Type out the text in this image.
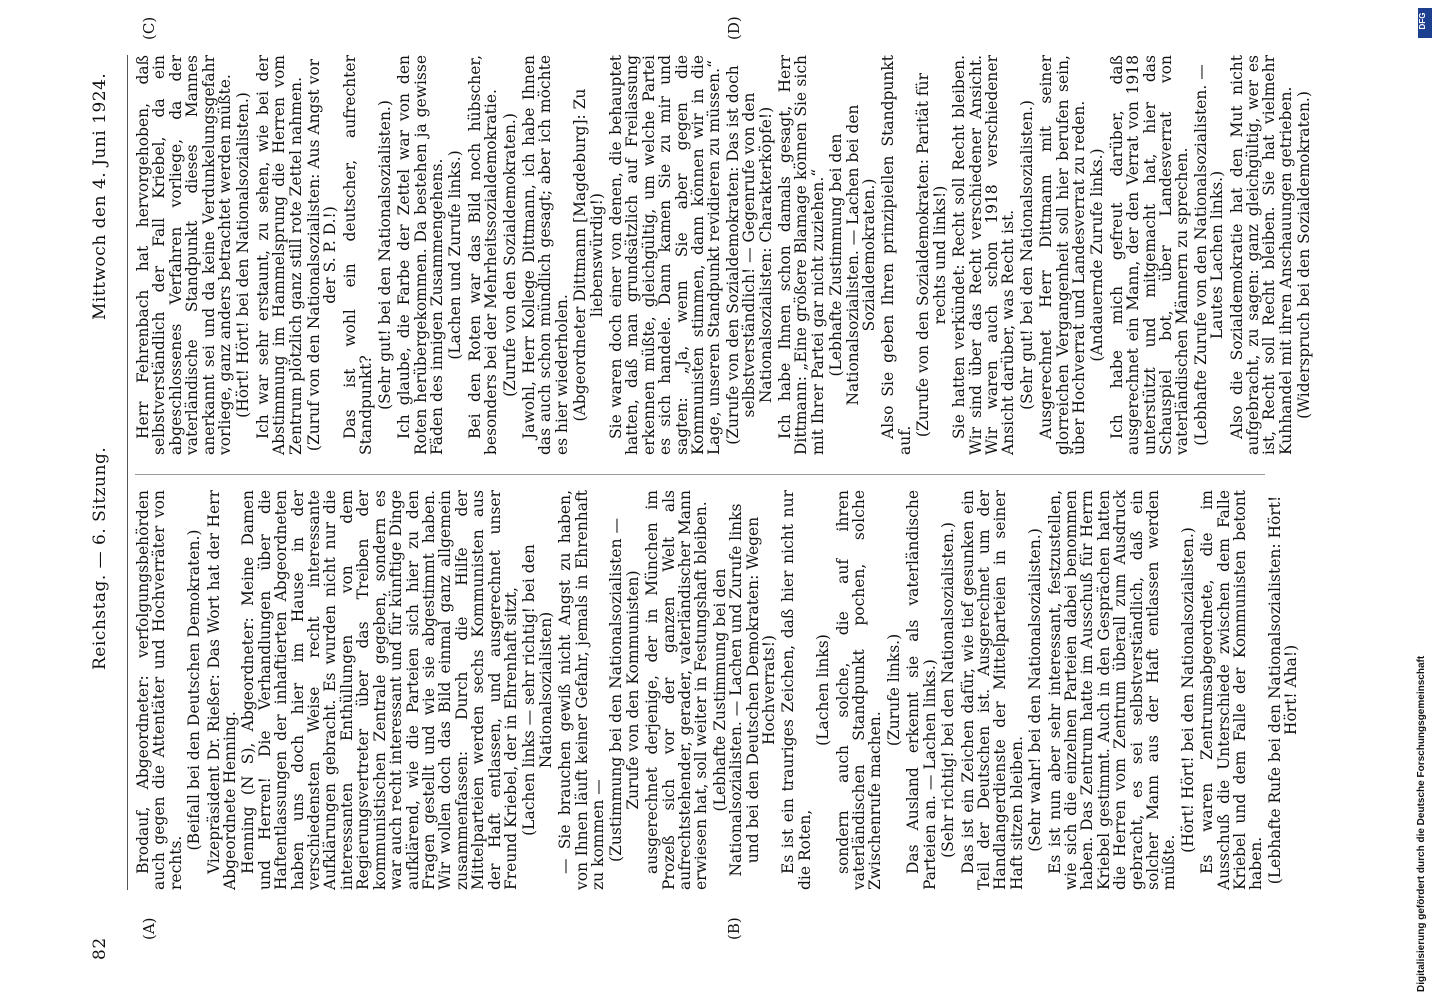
82
Reichstag. — 6. Sitzung.
Mittwoch den 4. Juni 1924.
(A)	(B)
(C)	(D)

Brodauf, Abgeordneter: verfolgungsbehörden auch gegen die Attentäter und Hochverräter von rechts.

(Beifall bei den Deutschen Demokraten.) Vizepräsident Dr. Rießer: Das Wort hat der Herr Abgeordnete Henning. Henning (N S), Abgeordneter: Meine Damen und Herren! Die Verhandlungen über die Haftentlassungen der inhaftierten Abgeordneten haben uns doch hier im Hause in der verschiedensten Weise recht interessante Aufklärungen gebracht. Es wurden nicht nur die interessanten Enthüllungen von dem Regierungsvertreter über das Treiben der kommunistischen Zentrale gegeben, sondern es war auch recht interessant und für künftige Dinge aufklärend, wie die Parteien sich hier zu den Fragen gestellt und wie sie abgestimmt haben. Wir wollen doch das Bild einmal ganz allgemein zusammenfassen: Durch die Hilfe der Mittelparteien werden sechs Kommunisten aus der Haft entlassen, und ausgerechnet unser Freund Kriebel, der in Ehrenhaft sitzt, (Lachen links — sehr richtig! bei den Nationalsozialisten) — Sie brauchen gewiß nicht Angst zu haben, von Ihnen läuft keiner Gefahr, jemals in Ehrenhaft zu kommen — (Zustimmung bei den Nationalsozialisten — Zurufe von den Kommunisten) ausgerechnet derjenige, der in München im Prozeß sich vor der ganzen Welt als aufrechtstehender, gerader, vaterländischer Mann erwiesen hat, soll weiter in Festungshaft bleiben. (Lebhafte Zustimmung bei den Nationalsozialisten. — Lachen und Zurufe links und bei den Deutschen Demokraten: Wegen Hochverrats!) Es ist ein trauriges Zeichen, daß hier nicht nur die Roten,

(Lachen links) sondern auch solche, die auf ihren vaterländischen Standpunkt pochen, solche Zwischenrufe machen.

(Zurufe links.) Das Ausland erkennt sie als vaterländische Parteien an. — Lachen links.) (Sehr richtig! bei den Nationalsozialisten.) Das ist ein Zeichen dafür, wie tief gesunken ein Teil der Deutschen ist. Ausgerechnet um der Handlangerdienste der Mittelparteien in seiner Haft sitzen bleiben. (Sehr wahr! bei den Nationalsozialisten.) Es ist nun aber sehr interessant, festzustellen, wie sich die einzelnen Parteien dabei benommen haben. Das Zentrum hatte im Ausschuß für Herrn Kriebel gestimmt. Auch in den Gesprächen hatten die Herren vom Zentrum überall zum Ausdruck gebracht, es sei selbstverständlich, daß ein solcher Mann aus der Haft entlassen werden müßte.

(Hört! Hört! bei den Nationalsozialisten.) Es waren Zentrumsabgeordnete, die im Ausschuß die Unterschiede zwischen dem Falle Kriebel und dem Falle der Kommunisten betont haben. (Lebhafte Rufe bei den Nationalsozialisten: Hört! Hört! Aha!)

Herr Fehrenbach hat hervorgehoben, daß selbstverständlich der Fall Kriebel, da ein abgeschlossenes Verfahren vorliege, da der vaterländische Standpunkt dieses Mannes anerkannt sei und da keine Verdunkelungsgefahr vorliege, ganz anders betrachtet werden müßte. (Hört! Hört! bei den Nationalsozialisten.) Ich war sehr erstaunt, zu sehen, wie bei der Abstimmung im Hammelsprung die Herren vom Zentrum plötzlich ganz still rote Zettel nahmen. (Zuruf von den Nationalsozialisten: Aus Angst vor der S. P. D.!) Das ist wohl ein deutscher, aufrechter Standpunkt? (Sehr gut! bei den Nationalsozialisten.) Ich glaube, die Farbe der Zettel war von den Roten herübergekommen. Da bestehen ja gewisse Fäden des innigen Zusammengehens. (Lachen und Zurufe links.) Bei den Roten war das Bild noch hübscher, besonders bei der Mehrheitssozialdemokratie. (Zurufe von den Sozialdemokraten.) Jawohl, Herr Kollege Dittmann, ich habe Ihnen das auch schon mündlich gesagt; aber ich möchte es hier wiederholen. (Abgeordneter Dittmann [Magdeburg]: Zu liebenswürdig!) Sie waren doch einer von denen, die behauptet hatten, daß man grundsätzlich auf Freilassung erkennen müßte, gleichgültig, um welche Partei es sich handele. Dann kamen Sie zu mir und sagten: „Ja, wenn Sie aber gegen die Kommunisten stimmen, dann können wir in die Lage, unseren Standpunkt revidieren zu müssen.“ (Zurufe von den Sozialdemokraten: Das ist doch selbstverständlich! — Gegenrufe von den Nationalsozialisten: Charakterköpfe!) Ich habe Ihnen schon damals gesagt, Herr Dittmann: „Eine größere Blamage können Sie sich mit Ihrer Partei gar nicht zuziehen.“ (Lebhafte Zustimmung bei den Nationalsozialisten. — Lachen bei den Sozialdemokraten.) Also Sie geben Ihren prinzipiellen Standpunkt auf.

(Zurufe von den Sozialdemokraten: Parität für rechts und links!) Sie hatten verkündet: Recht soll Recht bleiben. Wir sind über das Recht verschiedener Ansicht. Wir waren auch schon 1918 verschiedener Ansicht darüber, was Recht ist. (Sehr gut! bei den Nationalsozialisten.) Ausgerechnet Herr Dittmann mit seiner glorreichen Vergangenheit soll hier berufen sein, über Hochverrat und Landesverrat zu reden. (Andauernde Zurufe links.) Ich habe mich gefreut darüber, daß ausgerechnet ein Mann, der den Verrat von 1918 unterstützt und mitgemacht hat, hier das Schauspiel bot, über Landesverrat von vaterländischen Männern zu sprechen. (Lebhafte Zurufe von den Nationalsozialisten. — Lautes Lachen links.) Also die Sozialdemokratie hat den Mut nicht aufgebracht, zu sagen: ganz gleichgültig, wer es ist, Recht soll Recht bleiben. Sie hat vielmehr Kuhhandel mit ihren Anschauungen getrieben. (Widerspruch bei den Sozialdemokraten.)

Digitalisierung gefördert durch die Deutsche Forschungsgemeinschaft
DFG
